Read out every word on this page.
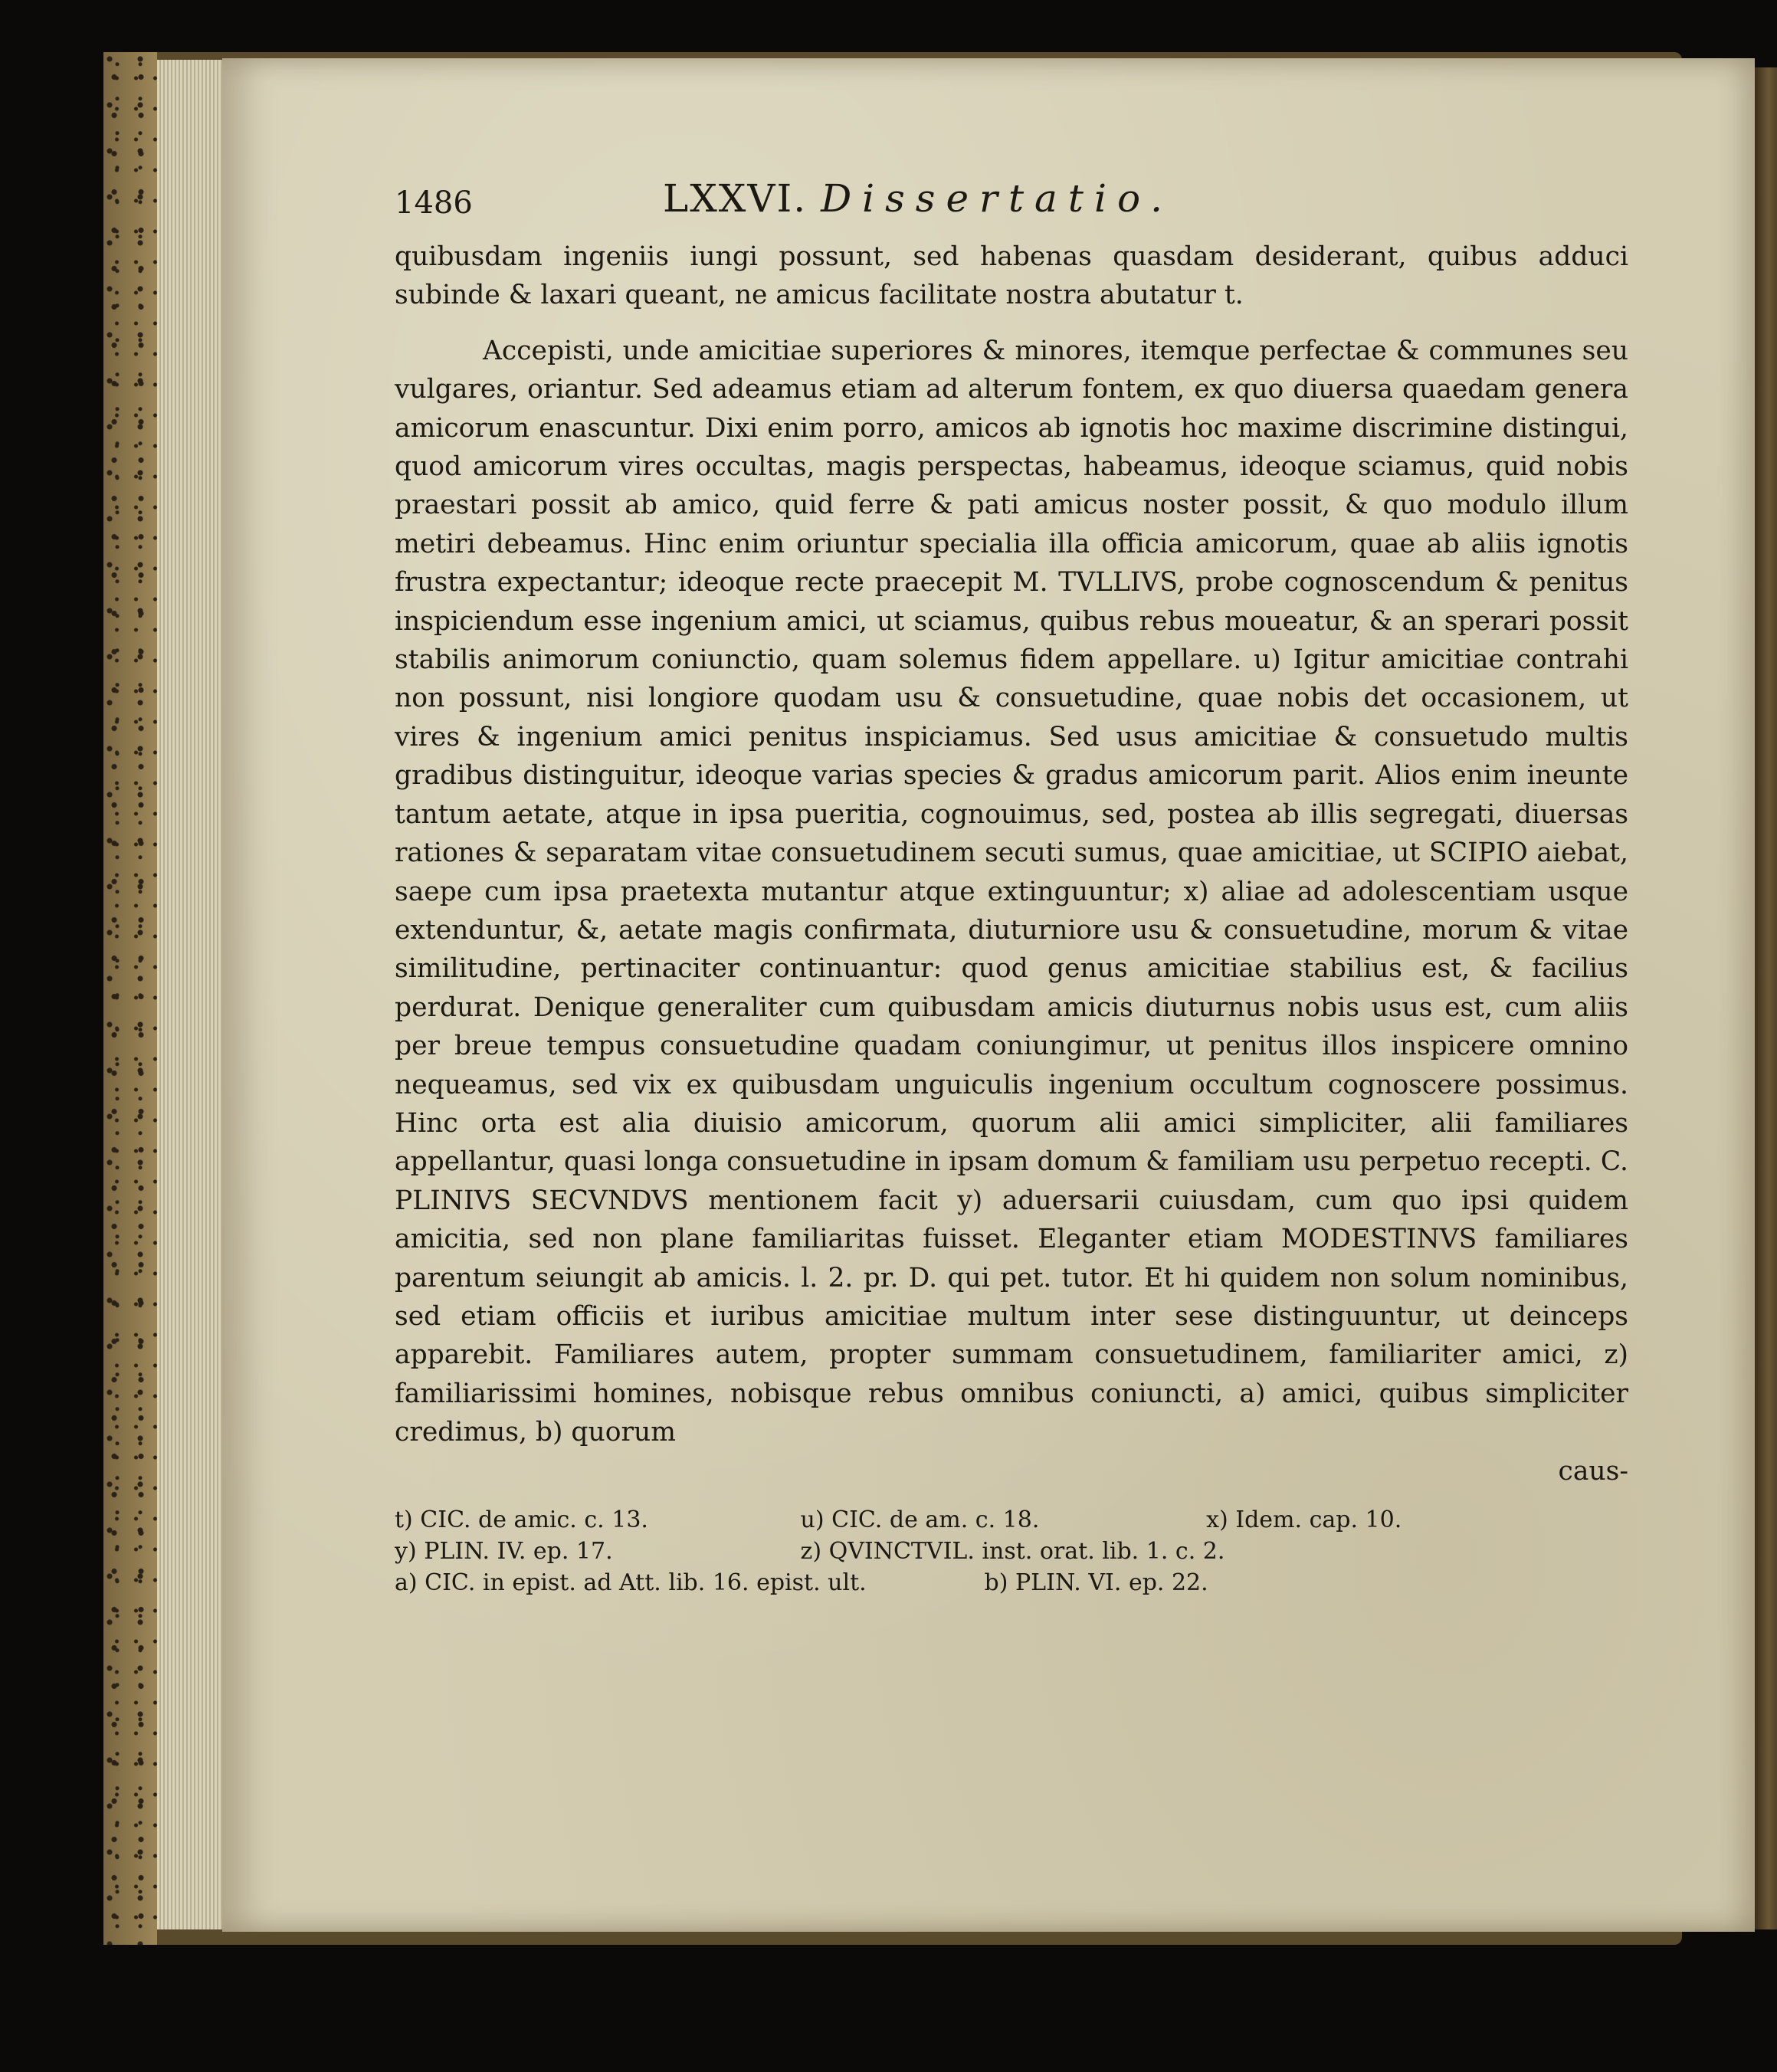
1486	LXXVI. Dissertatio.

quibusdam ingeniis iungi possunt, sed habenas quasdam desiderant, quibus adduci subinde & laxari queant, ne amicus facilitate nostra abutatur t.

Accepisti, unde amicitiae superiores & minores, itemque perfectae & communes seu vulgares, oriantur. Sed adeamus etiam ad alterum fontem, ex quo diuersa quaedam genera amicorum enascuntur. Dixi enim porro, amicos ab ignotis hoc maxime discrimine distingui, quod amicorum vires occultas, magis perspectas, habeamus, ideoque sciamus, quid nobis praestari possit ab amico, quid ferre & pati amicus noster possit, & quo modulo illum metiri debeamus. Hinc enim oriuntur specialia illa officia amicorum, quae ab aliis ignotis frustra expectantur; ideoque recte praecepit M. TVLLIVS, probe cognoscendum & penitus inspiciendum esse ingenium amici, ut sciamus, quibus rebus moueatur, & an sperari possit stabilis animorum coniunctio, quam solemus fidem appellare. u) Igitur amicitiae contrahi non possunt, nisi longiore quodam usu & consuetudine, quae nobis det occasionem, ut vires & ingenium amici penitus inspiciamus. Sed usus amicitiae & consuetudo multis gradibus distinguitur, ideoque varias species & gradus amicorum parit. Alios enim ineunte tantum aetate, atque in ipsa pueritia, cognouimus, sed, postea ab illis segregati, diuersas rationes & separatam vitae consuetudinem secuti sumus, quae amicitiae, ut SCIPIO aiebat, saepe cum ipsa praetexta mutantur atque extinguuntur; x) aliae ad adolescentiam usque extenduntur, &, aetate magis confirmata, diuturniore usu & consuetudine, morum & vitae similitudine, pertinaciter continuantur: quod genus amicitiae stabilius est, & facilius perdurat. Denique generaliter cum quibusdam amicis diuturnus nobis usus est, cum aliis per breue tempus consuetudine quadam coniungimur, ut penitus illos inspicere omnino nequeamus, sed vix ex quibusdam unguiculis ingenium occultum cognoscere possimus. Hinc orta est alia diuisio amicorum, quorum alii amici simpliciter, alii familiares appellantur, quasi longa consuetudine in ipsam domum & familiam usu perpetuo recepti. C. PLINIVS SECVNDVS mentionem facit y) aduersarii cuiusdam, cum quo ipsi quidem amicitia, sed non plane familiaritas fuisset. Eleganter etiam MODESTINVS familiares parentum seiungit ab amicis. l. 2. pr. D. qui pet. tutor. Et hi quidem non solum nominibus, sed etiam officiis et iuribus amicitiae multum inter sese distinguuntur, ut deinceps apparebit. Familiares autem, propter summam consuetudinem, familiariter amici, z) familiarissimi homines, nobisque rebus omnibus coniuncti, a) amici, quibus simpliciter credimus, b) quorum

caus-
t) CIC. de amic. c. 13.	u) CIC. de am. c. 18.	x) Idem. cap. 10.
y) PLIN. IV. ep. 17.	z) QVINCTVIL. inst. orat. lib. 1. c. 2.
a) CIC. in epist. ad Att. lib. 16. epist. ult.	b) PLIN. VI. ep. 22.
